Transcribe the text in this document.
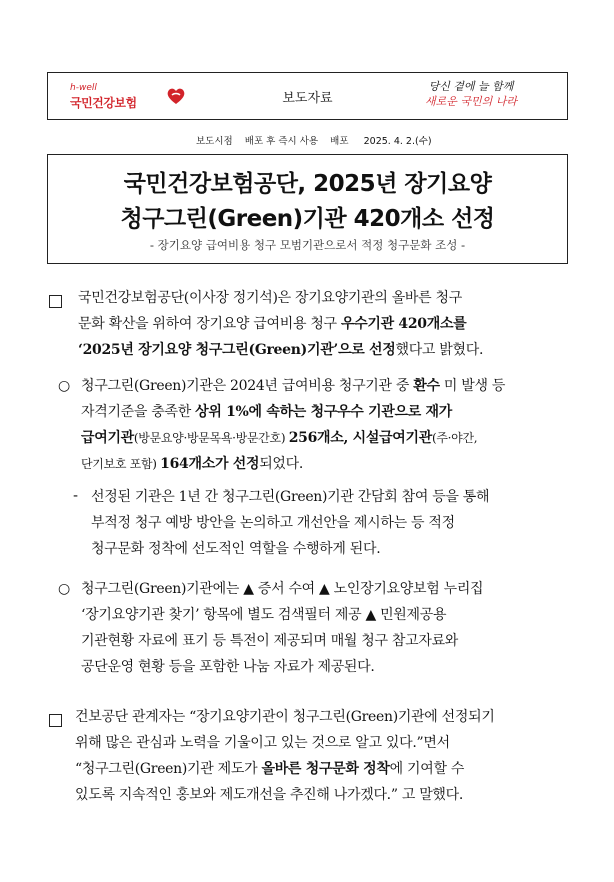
h-well
국민건강보험	보도자료
당신 곁에 늘 함께
새로운 국민의 나라
보도시점    배포 후 즉시 사용    배포     2025. 4. 2.(수)
국민건강보험공단, 2025년 장기요양
청구그린(Green)기관 420개소 선정
- 장기요양 급여비용 청구 모범기관으로서 적정 청구문화 조성 -

국민건강보험공단(이사장 정기석)은 장기요양기관의 올바른 청구

문화 확산을 위하여 장기요양 급여비용 청구 우수기관 420개소를

‘2025년 장기요양 청구그린(Green)기관’으로 선정했다고 밝혔다.

○ 청구그린(Green)기관은 2024년 급여비용 청구기관 중 환수 미 발생 등

자격기준을 충족한 상위 1%에 속하는 청구우수 기관으로 재가

급여기관(방문요양·방문목욕·방문간호) 256개소, 시설급여기관(주·야간,

단기보호 포함) 164개소가 선정되었다.

- 선정된 기관은 1년 간 청구그린(Green)기관 간담회 참여 등을 통해

부적정 청구 예방 방안을 논의하고 개선안을 제시하는 등 적정

청구문화 정착에 선도적인 역할을 수행하게 된다.

○ 청구그린(Green)기관에는 ▲ 증서 수여 ▲ 노인장기요양보험 누리집

‘장기요양기관 찾기’ 항목에 별도 검색필터 제공 ▲ 민원제공용

기관현황 자료에 표기 등 특전이 제공되며 매월 청구 참고자료와

공단운영 현황 등을 포함한 나눔 자료가 제공된다.

건보공단 관계자는 “장기요양기관이 청구그린(Green)기관에 선정되기

위해 많은 관심과 노력을 기울이고 있는 것으로 알고 있다.”면서

“청구그린(Green)기관 제도가 올바른 청구문화 정착에 기여할 수

있도록 지속적인 홍보와 제도개선을 추진해 나가겠다.” 고 말했다.
